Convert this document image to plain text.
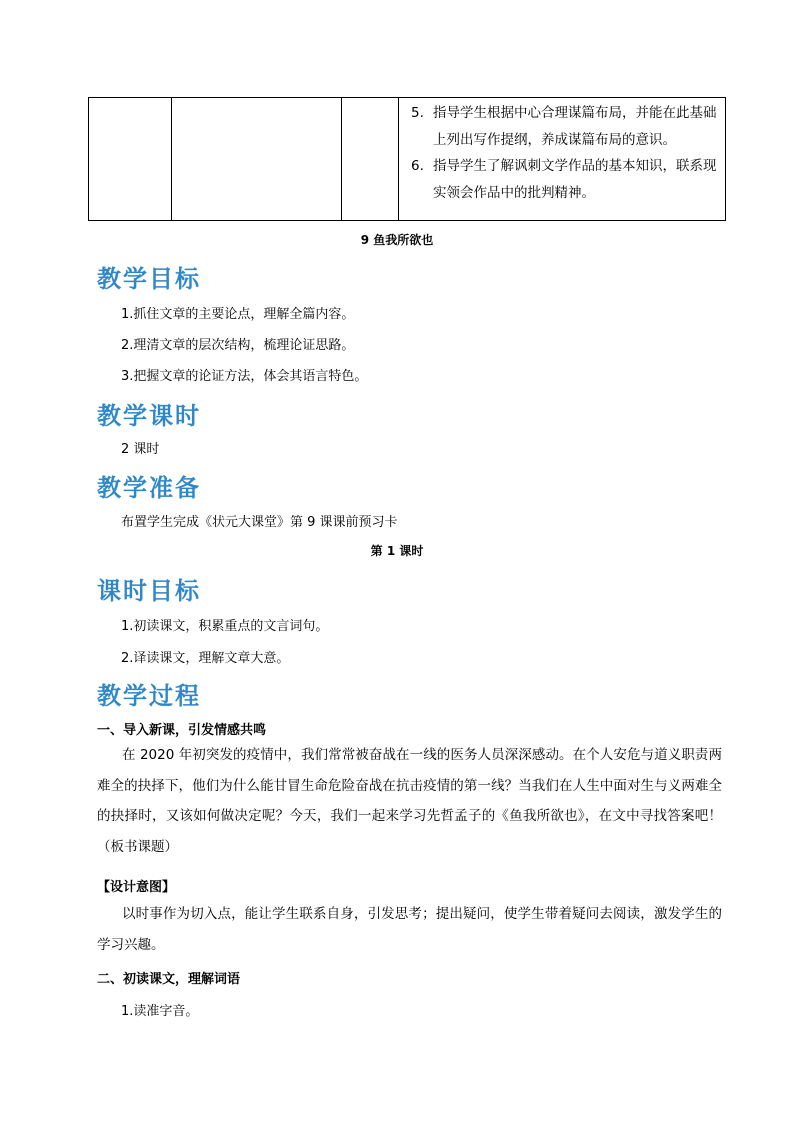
5. 指导学生根据中心合理谋篇布局，并能在此基础上列出写作提纲，养成谋篇布局的意识。
6. 指导学生了解讽刺文学作品的基本知识，联系现实领会作品中的批判精神。
9 鱼我所欲也
教学目标
1.抓住文章的主要论点，理解全篇内容。
2.理清文章的层次结构，梳理论证思路。
3.把握文章的论证方法，体会其语言特色。
教学课时
2 课时
教学准备
布置学生完成《状元大课堂》第 9 课课前预习卡
第 1 课时
课时目标
1.初读课文，积累重点的文言词句。
2.译读课文，理解文章大意。
教学过程
一、导入新课，引发情感共鸣
在 2020 年初突发的疫情中，我们常常被奋战在一线的医务人员深深感动。在个人安危与道义职责两难全的抉择下，他们为什么能甘冒生命危险奋战在抗击疫情的第一线？当我们在人生中面对生与义两难全的抉择时，又该如何做决定呢？今天，我们一起来学习先哲孟子的《鱼我所欲也》，在文中寻找答案吧！（板书课题）
【设计意图】
以时事作为切入点，能让学生联系自身，引发思考；提出疑问，使学生带着疑问去阅读，激发学生的学习兴趣。
二、初读课文，理解词语
1.读准字音。
